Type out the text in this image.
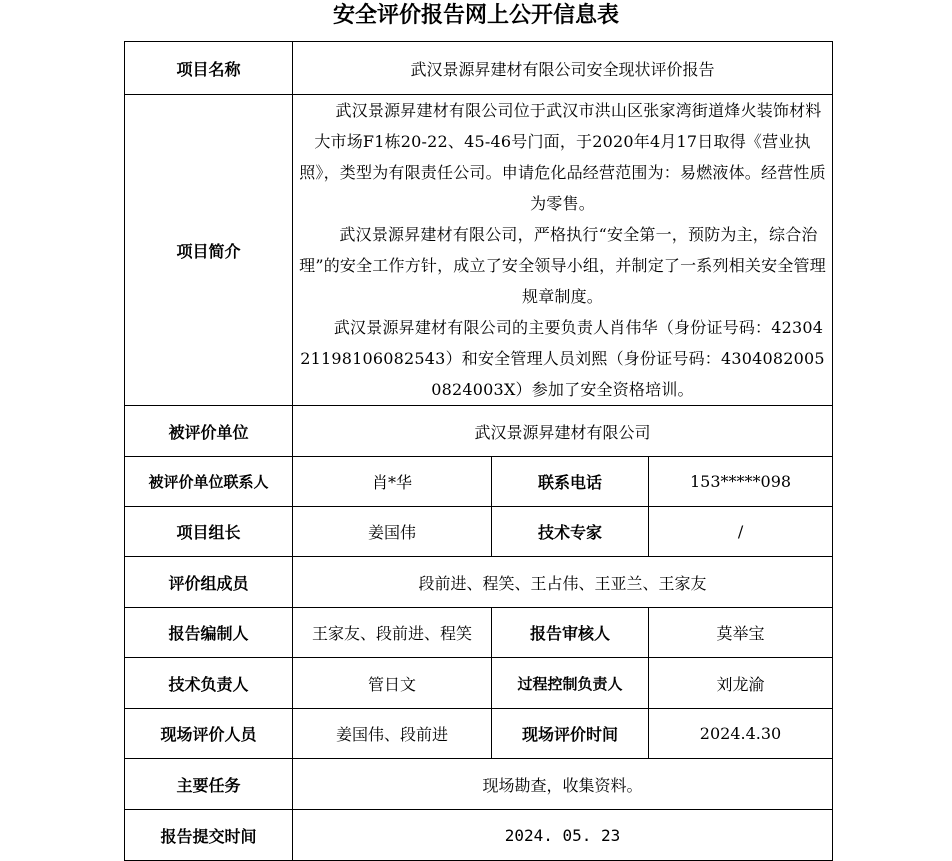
安全评价报告网上公开信息表
项目名称	武汉景源昇建材有限公司安全现状评价报告		
项目简介	武汉景源昇建材有限公司位于武汉市洪山区张家湾街道烽火装饰材料大市场F1栋20-22、45-46号门面，于2020年4月17日取得《营业执照》，类型为有限责任公司。申请危化品经营范围为：易燃液体。经营性质为零售。

武汉景源昇建材有限公司，严格执行“安全第一，预防为主，综合治理”的安全工作方针，成立了安全领导小组，并制定了一系列相关安全管理规章制度。

武汉景源昇建材有限公司的主要负责人肖伟华（身份证号码：423042119810608​2543）和安全管理人员刘熙（身份证号码：43040820050824003X）参加了安全资格培训。		

被评价单位	武汉景源昇建材有限公司		
被评价单位联系人	肖*华	联系电话	153*****098
项目组长	姜国伟	技术专家	/
评价组成员	段前进、程笑、王占伟、王亚兰、王家友		
报告编制人	王家友、段前进、程笑	报告审核人	莫举宝
技术负责人	管日文	过程控制负责人	刘龙渝
现场评价人员	姜国伟、段前进	现场评价时间	2024.4.30
主要任务	现场勘查，收集资料。		
报告提交时间	2024. 05. 23		
